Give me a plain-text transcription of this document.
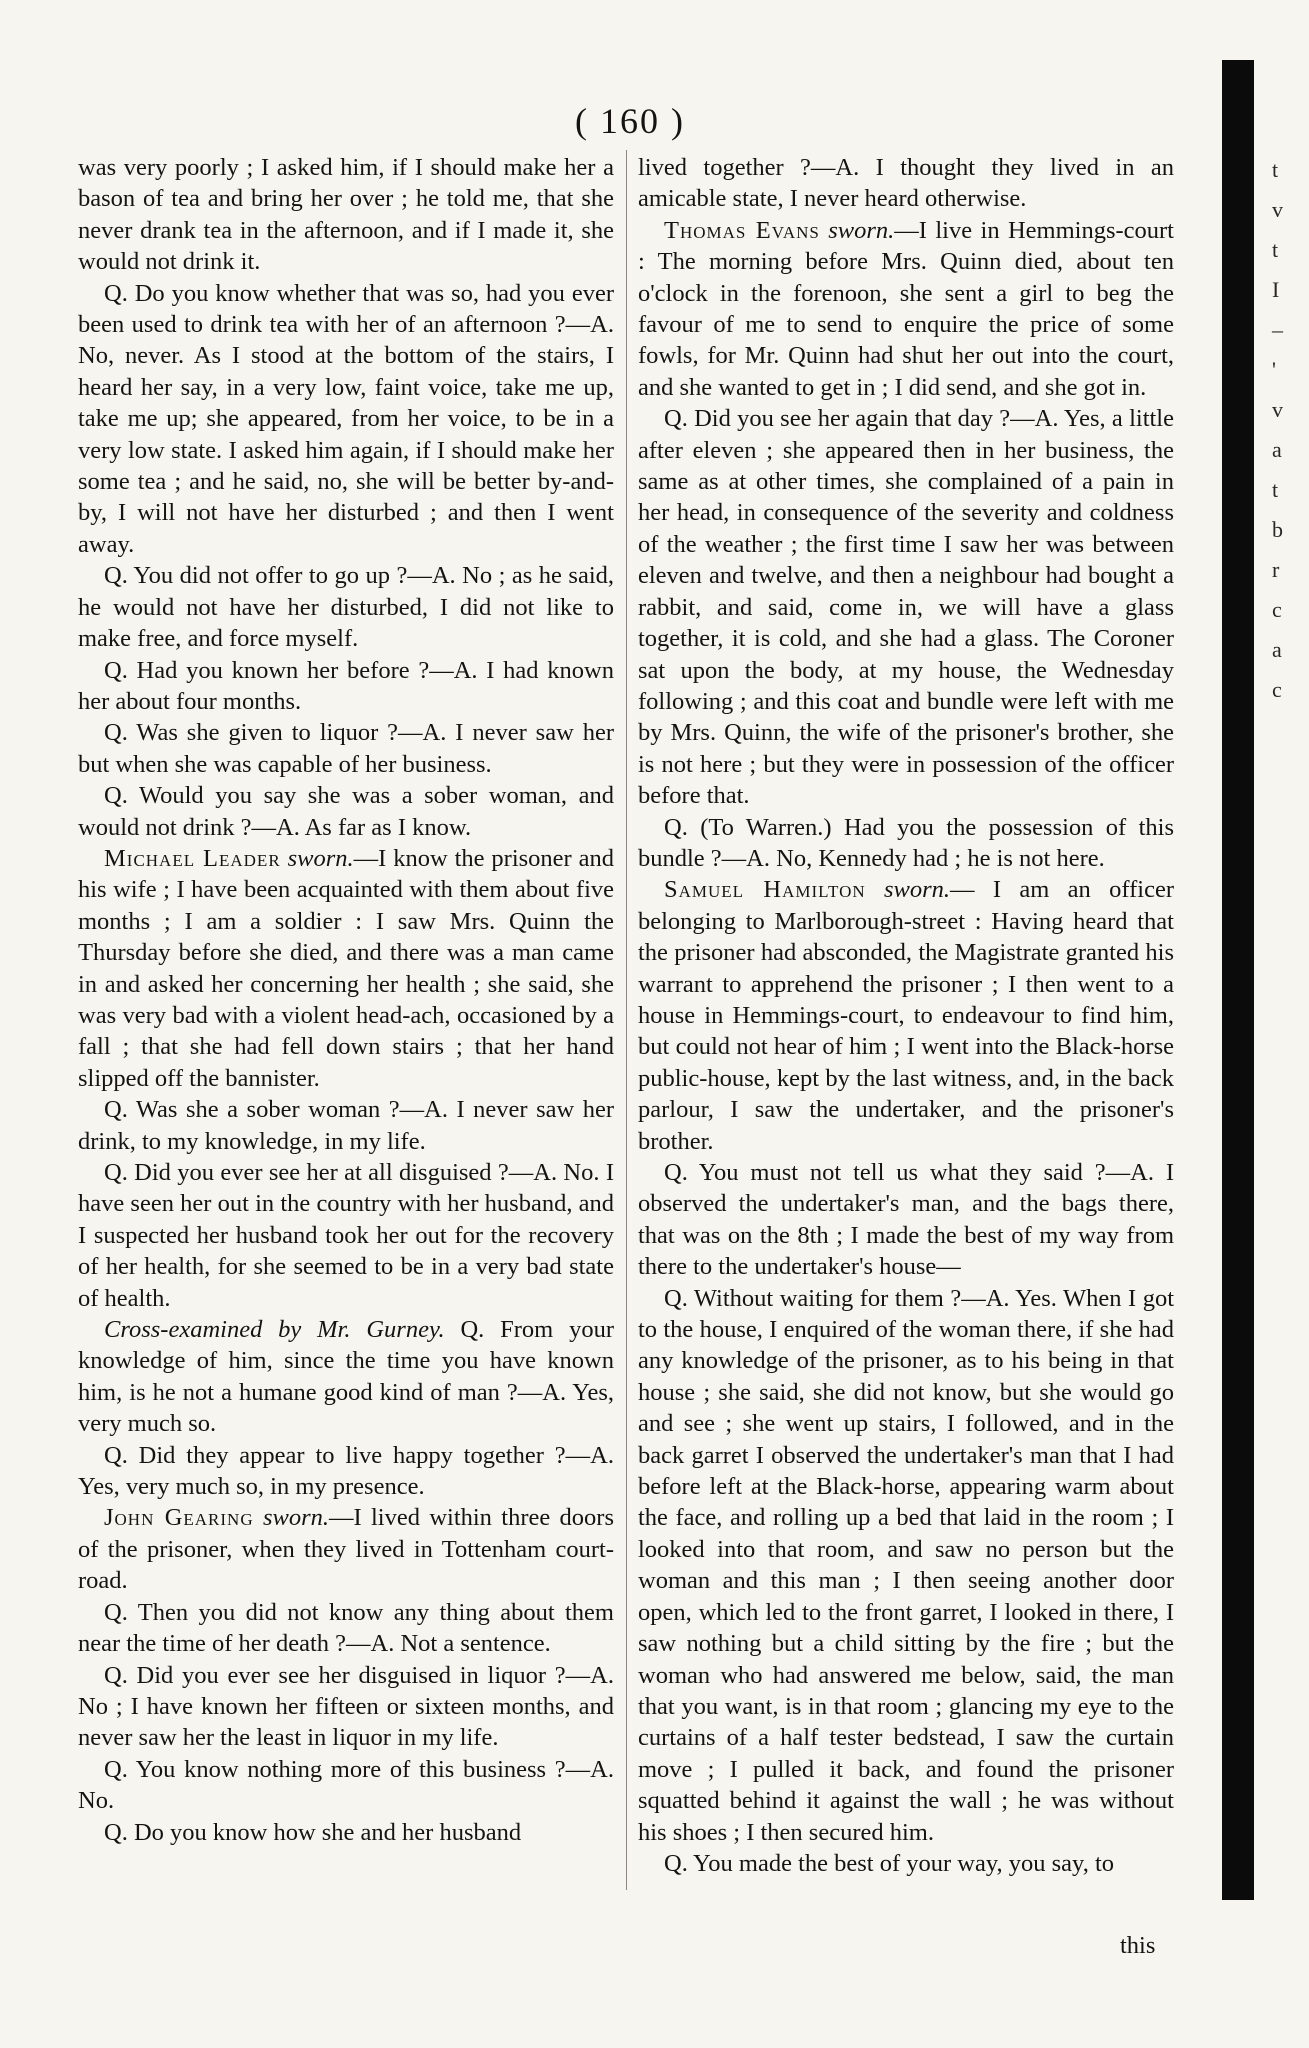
( 160 )

was very poorly ; I asked him, if I should make her a bason of tea and bring her over ; he told me, that she never drank tea in the afternoon, and if I made it, she would not drink it.

Q. Do you know whether that was so, had you ever been used to drink tea with her of an afternoon ?—A. No, never. As I stood at the bottom of the stairs, I heard her say, in a very low, faint voice, take me up, take me up; she appeared, from her voice, to be in a very low state. I asked him again, if I should make her some tea ; and he said, no, she will be better by-and-by, I will not have her disturbed ; and then I went away.

Q. You did not offer to go up ?—A. No ; as he said, he would not have her disturbed, I did not like to make free, and force myself.

Q. Had you known her before ?—A. I had known her about four months.

Q. Was she given to liquor ?—A. I never saw her but when she was capable of her business.

Q. Would you say she was a sober woman, and would not drink ?—A. As far as I know.

Michael Leader sworn.—I know the prisoner and his wife ; I have been acquainted with them about five months ; I am a soldier : I saw Mrs. Quinn the Thursday before she died, and there was a man came in and asked her concerning her health ; she said, she was very bad with a violent head-ach, occasioned by a fall ; that she had fell down stairs ; that her hand slipped off the bannister.

Q. Was she a sober woman ?—A. I never saw her drink, to my knowledge, in my life.

Q. Did you ever see her at all disguised ?—A. No. I have seen her out in the country with her husband, and I suspected her husband took her out for the recovery of her health, for she seemed to be in a very bad state of health.

Cross-examined by Mr. Gurney. Q. From your knowledge of him, since the time you have known him, is he not a humane good kind of man ?—A. Yes, very much so.

Q. Did they appear to live happy together ?—A. Yes, very much so, in my presence.

John Gearing sworn.—I lived within three doors of the prisoner, when they lived in Tottenham court-road.

Q. Then you did not know any thing about them near the time of her death ?—A. Not a sentence.

Q. Did you ever see her disguised in liquor ?—A. No ; I have known her fifteen or sixteen months, and never saw her the least in liquor in my life.

Q. You know nothing more of this business ?—A. No.

Q. Do you know how she and her husband

lived together ?—A. I thought they lived in an amicable state, I never heard otherwise.

Thomas Evans sworn.—I live in Hemmings-court : The morning before Mrs. Quinn died, about ten o'clock in the forenoon, she sent a girl to beg the favour of me to send to enquire the price of some fowls, for Mr. Quinn had shut her out into the court, and she wanted to get in ; I did send, and she got in.

Q. Did you see her again that day ?—A. Yes, a little after eleven ; she appeared then in her business, the same as at other times, she complained of a pain in her head, in consequence of the severity and coldness of the weather ; the first time I saw her was between eleven and twelve, and then a neighbour had bought a rabbit, and said, come in, we will have a glass together, it is cold, and she had a glass. The Coroner sat upon the body, at my house, the Wednesday following ; and this coat and bundle were left with me by Mrs. Quinn, the wife of the prisoner's brother, she is not here ; but they were in possession of the officer before that.

Q. (To Warren.) Had you the possession of this bundle ?—A. No, Kennedy had ; he is not here.

Samuel Hamilton sworn.— I am an officer belonging to Marlborough-street : Having heard that the prisoner had absconded, the Magistrate granted his warrant to apprehend the prisoner ; I then went to a house in Hemmings-court, to endeavour to find him, but could not hear of him ; I went into the Black-horse public-house, kept by the last witness, and, in the back parlour, I saw the undertaker, and the prisoner's brother.

Q. You must not tell us what they said ?—A. I observed the undertaker's man, and the bags there, that was on the 8th ; I made the best of my way from there to the undertaker's house—

Q. Without waiting for them ?—A. Yes. When I got to the house, I enquired of the woman there, if she had any knowledge of the prisoner, as to his being in that house ; she said, she did not know, but she would go and see ; she went up stairs, I followed, and in the back garret I observed the undertaker's man that I had before left at the Black-horse, appearing warm about the face, and rolling up a bed that laid in the room ; I looked into that room, and saw no person but the woman and this man ; I then seeing another door open, which led to the front garret, I looked in there, I saw nothing but a child sitting by the fire ; but the woman who had answered me below, said, the man that you want, is in that room ; glancing my eye to the curtains of a half tester bedstead, I saw the curtain move ; I pulled it back, and found the prisoner squatted behind it against the wall ; he was without his shoes ; I then secured him.

Q. You made the best of your way, you say, to

this
t
v
t
I
–
'
v
a
t
b
r
c
a
c
